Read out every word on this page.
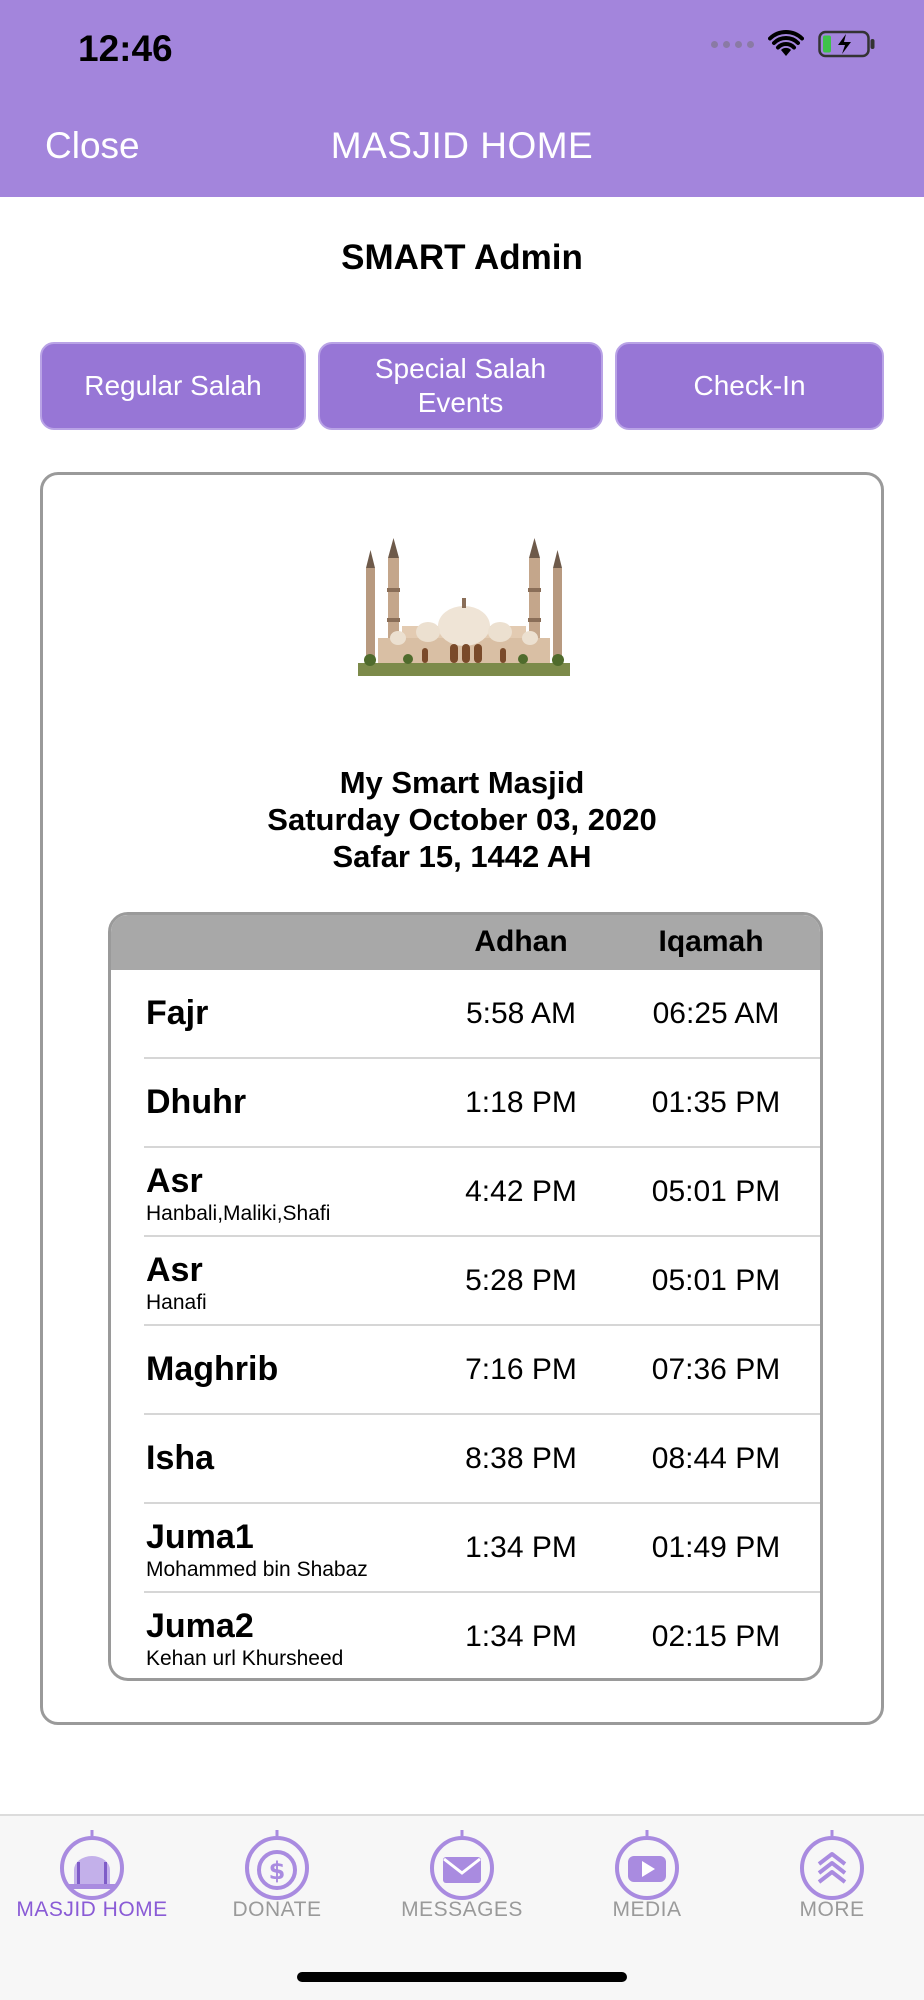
12:46
Close	MASJID HOME
SMART Admin
Regular Salah
Special Salah Events
Check-In
My Smart Masjid
Saturday October 03, 2020
Safar 15, 1442 AH
Adhan	Iqamah
Fajr	5:58 AM	06:25 AM
Dhuhr	1:18 PM	01:35 PM
Asr
Hanbali,Maliki,Shafi
4:42 PM	05:01 PM
Asr
Hanafi
5:28 PM	05:01 PM
Maghrib	7:16 PM	07:36 PM
Isha	8:38 PM	08:44 PM
Juma1
Mohammed bin Shabaz
1:34 PM	01:49 PM
Juma2
Kehan url Khursheed
1:34 PM	02:15 PM
MASJID HOME
$
DONATE	MESSAGES	MEDIA	MORE
